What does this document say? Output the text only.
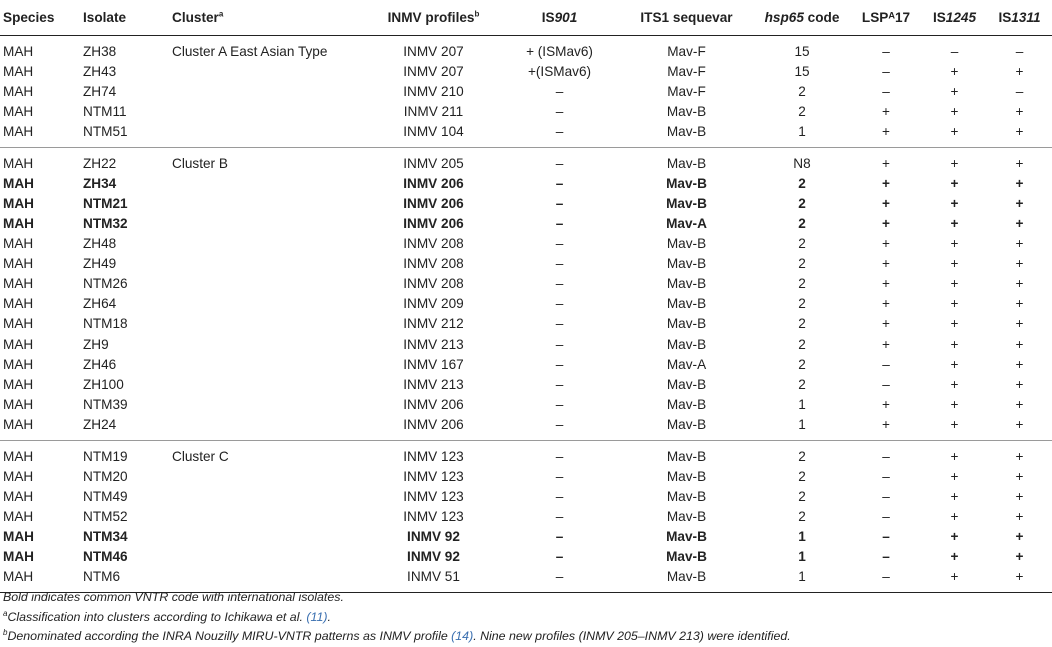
Species	Isolate	Cluster$^a$	INMV profiles$^b$	IS901	ITS1 sequevar	hsp65 code	LSPᴬ17	IS1245	IS1311
MAH	ZH38	Cluster A East Asian Type	INMV 207	+ (ISMav6)	Mav-F	15	–	–	–
MAH	ZH43		INMV 207	+(ISMav6)	Mav-F	15	–	+	+
MAH	ZH74		INMV 210	–	Mav-F	2	–	+	–
MAH	NTM11		INMV 211	–	Mav-B	2	+	+	+
MAH	NTM51		INMV 104	–	Mav-B	1	+	+	+
MAH	ZH22	Cluster B	INMV 205	–	Mav-B	N8	+	+	+
MAH	ZH34		INMV 206	–	Mav-B	2	+	+	+
MAH	NTM21		INMV 206	–	Mav-B	2	+	+	+
MAH	NTM32		INMV 206	–	Mav-A	2	+	+	+
MAH	ZH48		INMV 208	–	Mav-B	2	+	+	+
MAH	ZH49		INMV 208	–	Mav-B	2	+	+	+
MAH	NTM26		INMV 208	–	Mav-B	2	+	+	+
MAH	ZH64		INMV 209	–	Mav-B	2	+	+	+
MAH	NTM18		INMV 212	–	Mav-B	2	+	+	+
MAH	ZH9		INMV 213	–	Mav-B	2	+	+	+
MAH	ZH46		INMV 167	–	Mav-A	2	–	+	+
MAH	ZH100		INMV 213	–	Mav-B	2	–	+	+
MAH	NTM39		INMV 206	–	Mav-B	1	+	+	+
MAH	ZH24		INMV 206	–	Mav-B	1	+	+	+
MAH	NTM19	Cluster C	INMV 123	–	Mav-B	2	–	+	+
MAH	NTM20		INMV 123	–	Mav-B	2	–	+	+
MAH	NTM49		INMV 123	–	Mav-B	2	–	+	+
MAH	NTM52		INMV 123	–	Mav-B	2	–	+	+
MAH	NTM34		INMV 92	–	Mav-B	1	–	+	+
MAH	NTM46		INMV 92	–	Mav-B	1	–	+	+
MAH	NTM6		INMV 51	–	Mav-B	1	–	+	+
Bold indicates common VNTR code with international isolates.
$^a$Classification into clusters according to Ichikawa et al. (11).
$^b$Denominated according the INRA Nouzilly MIRU-VNTR patterns as INMV profile (14). Nine new profiles (INMV 205–INMV 213) were identified.
